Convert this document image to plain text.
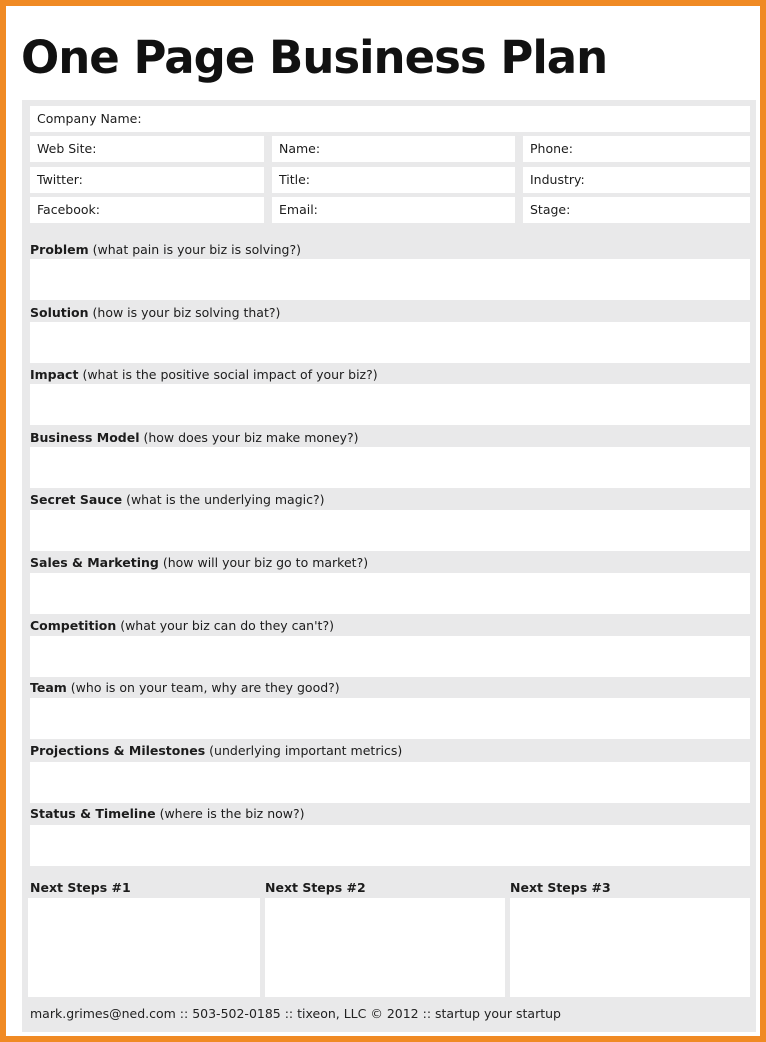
One Page Business Plan
Company Name:
Web Site:	Name:	Phone:
Twitter:	Title:	Industry:
Facebook:	Email:	Stage:
Problem (what pain is your biz is solving?)
Solution (how is your biz solving that?)
Impact (what is the positive social impact of your biz?)
Business Model (how does your biz make money?)
Secret Sauce (what is the underlying magic?)
Sales & Marketing (how will your biz go to market?)
Competition (what your biz can do they can't?)
Team (who is on your team, why are they good?)
Projections & Milestones (underlying important metrics)
Status & Timeline (where is the biz now?)
Next Steps #1	Next Steps #2	Next Steps #3
mark.grimes@ned.com :: 503-502-0185 :: tixeon, LLC © 2012 :: startup your startup
